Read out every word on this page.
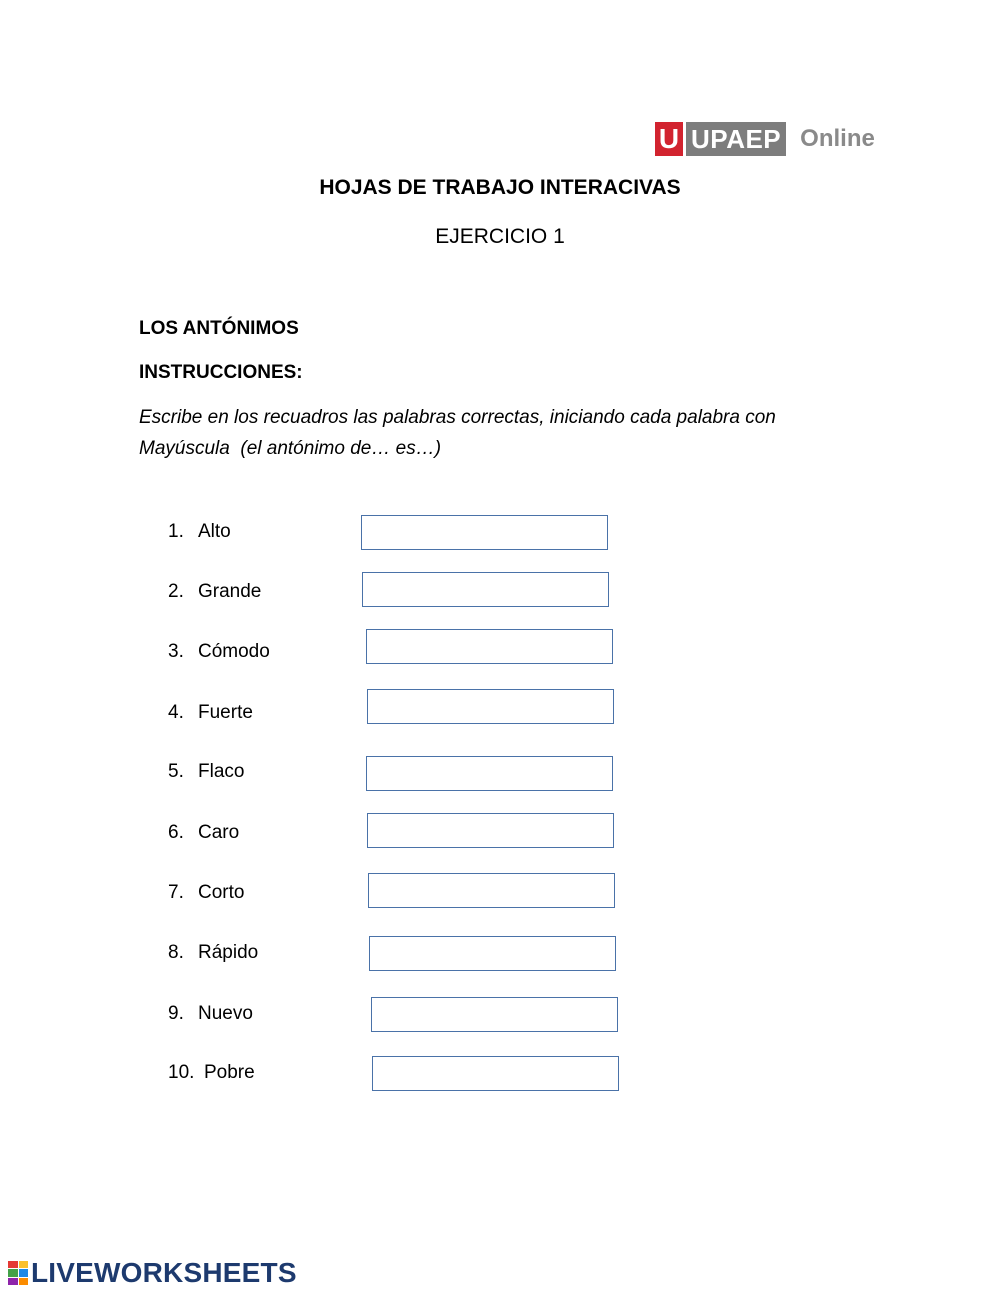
U UPAEP Online
HOJAS DE TRABAJO INTERACIVAS
EJERCICIO 1
LOS ANTÓNIMOS
INSTRUCCIONES:
Escribe en los recuadros las palabras correctas, iniciando cada palabra con
Mayúscula  (el antónimo de… es…)
1. Alto
2. Grande
3. Cómodo
4. Fuerte
5. Flaco
6. Caro
7. Corto
8. Rápido
9. Nuevo
10. Pobre
LIVEWORKSHEETS
